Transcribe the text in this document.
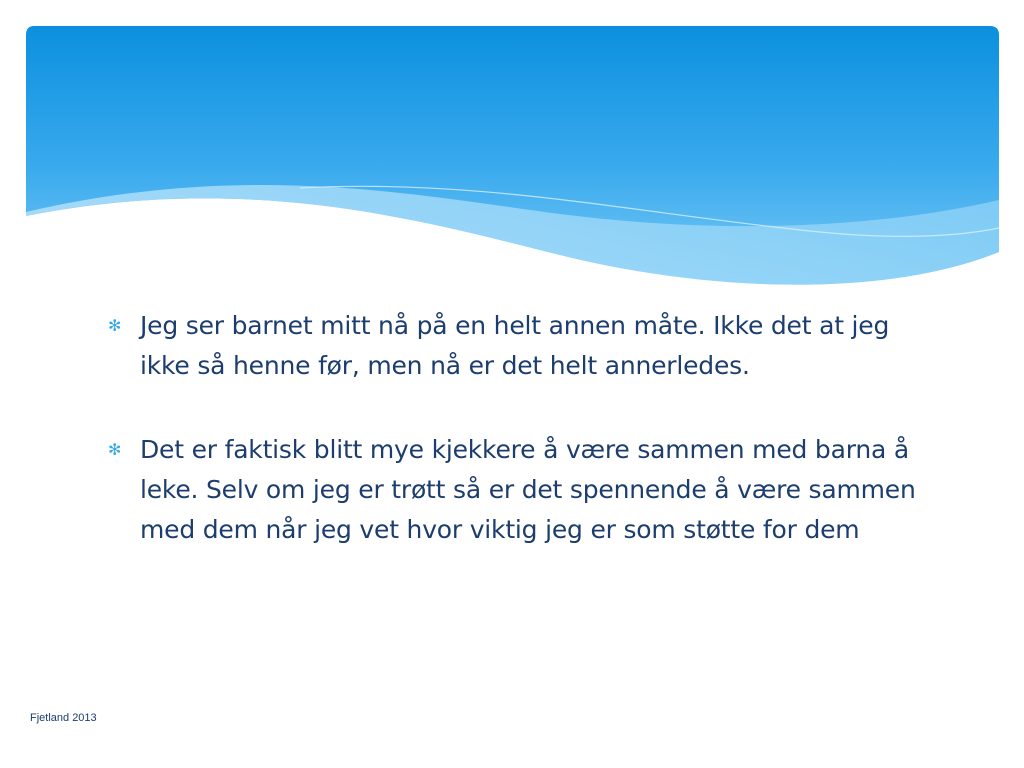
✻ Jeg ser barnet mitt nå på en helt annen måte. Ikke det at jeg ikke så henne før, men nå er det helt annerledes.
✻ Det er faktisk blitt mye kjekkere å være sammen med barna å leke. Selv om jeg er trøtt så er det spennende å være sammen med dem når jeg vet hvor viktig jeg er som støtte for dem
Fjetland 2013
